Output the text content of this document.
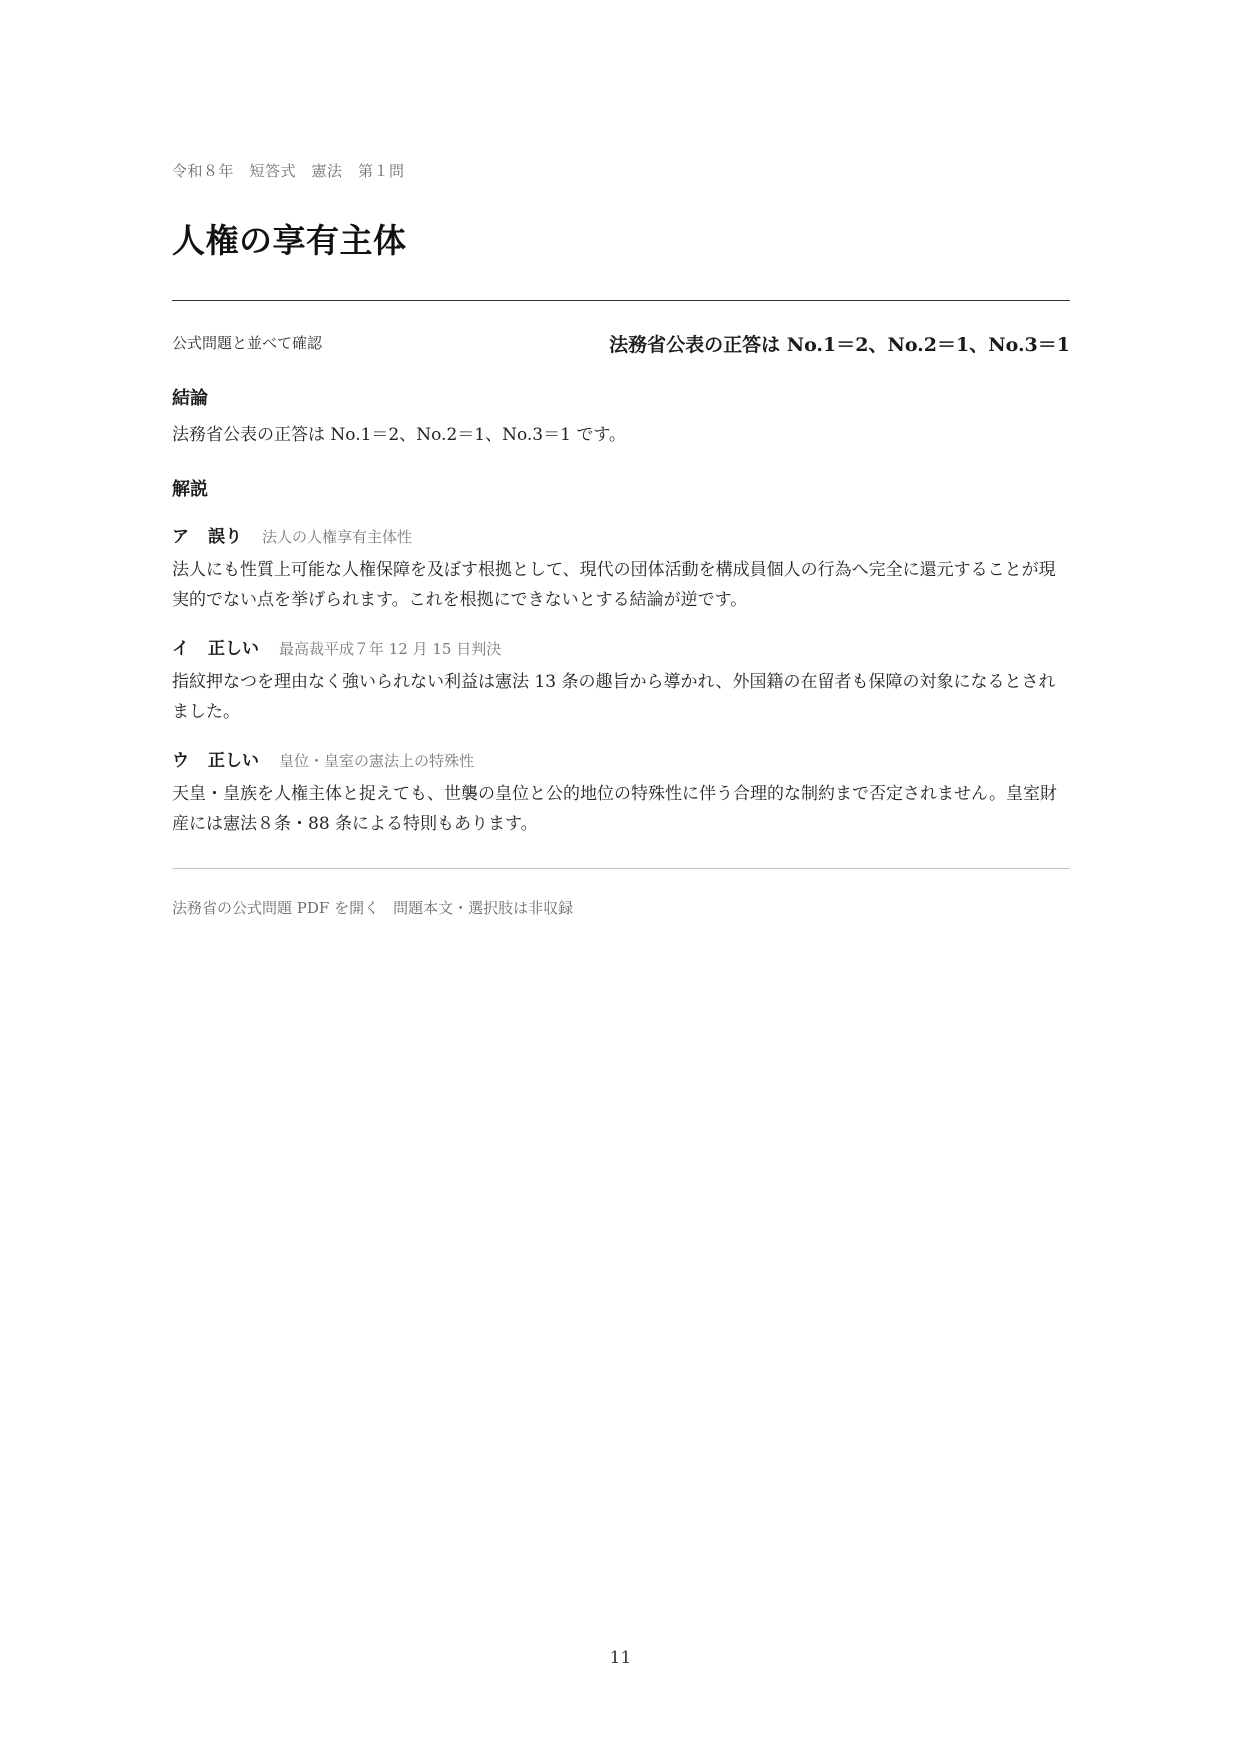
令和８年　短答式　憲法　第１問
人権の享有主体
公式問題と並べて確認	法務省公表の正答は No.1＝2、No.2＝1、No.3＝1
結論

法務省公表の正答は No.1＝2、No.2＝1、No.3＝1 です。

解説
ア 誤り 法人の人権享有主体性

法人にも性質上可能な人権保障を及ぼす根拠として、現代の団体活動を構成員個人の行為へ完全に還元することが現実的でない点を挙げられます。これを根拠にできないとする結論が逆です。

イ 正しい 最高裁平成７年 12 月 15 日判決

指紋押なつを理由なく強いられない利益は憲法 13 条の趣旨から導かれ、外国籍の在留者も保障の対象になるとされました。

ウ 正しい 皇位・皇室の憲法上の特殊性

天皇・皇族を人権主体と捉えても、世襲の皇位と公的地位の特殊性に伴う合理的な制約まで否定されません。皇室財産には憲法８条・88 条による特則もあります。

法務省の公式問題 PDF を開く 問題本文・選択肢は非収録
11
